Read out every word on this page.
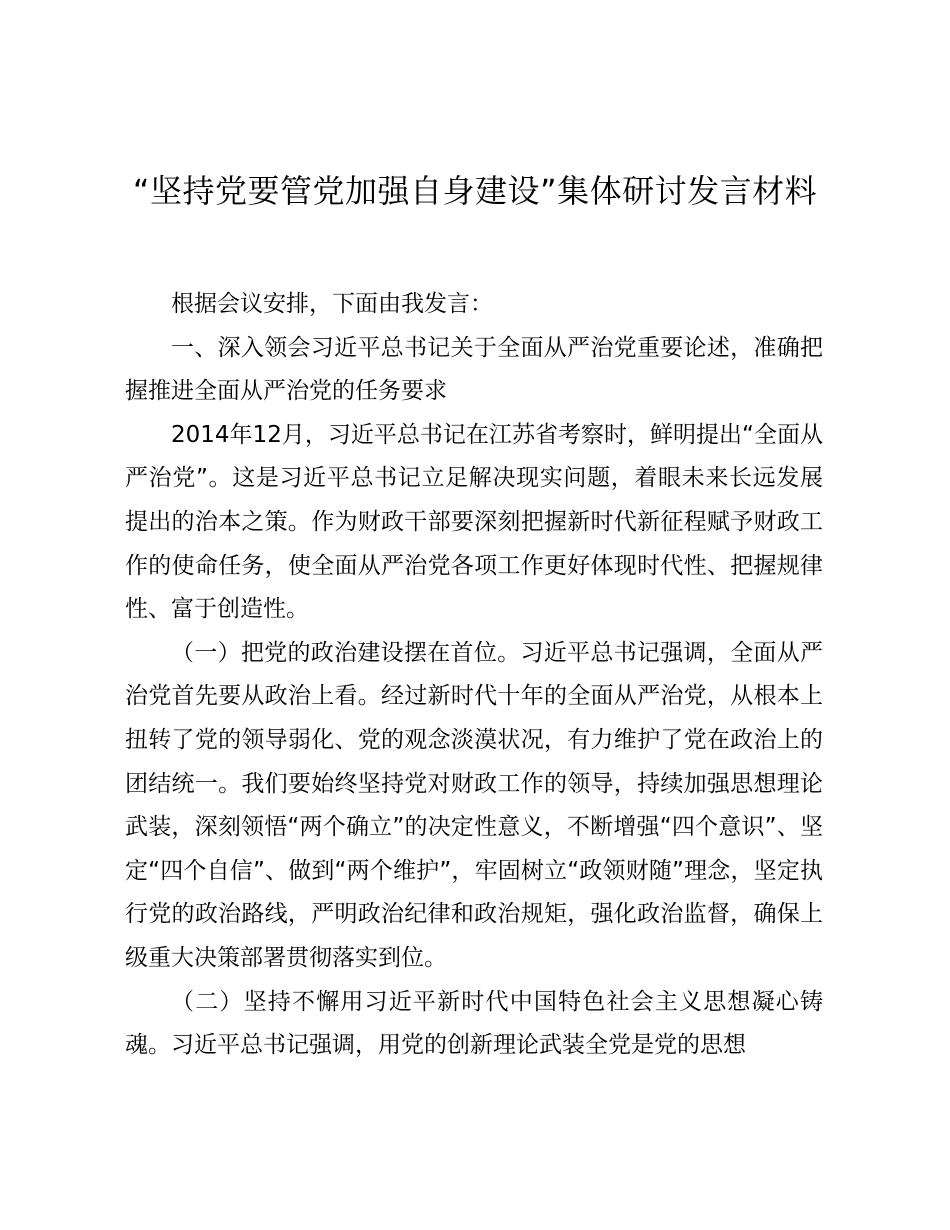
“坚持党要管党加强自身建设”集体研讨发言材料

根据会议安排，下面由我发言：

一、深入领会习近平总书记关于全面从严治党重要论述，准确把握推进全面从严治党的任务要求

2014年12月，习近平总书记在江苏省考察时，鲜明提出“全面从严治党”。这是习近平总书记立足解决现实问题，着眼未来长远发展提出的治本之策。作为财政干部要深刻把握新时代新征程赋予财政工作的使命任务，使全面从严治党各项工作更好体现时代性、把握规律性、富于创造性。

（一）把党的政治建设摆在首位。习近平总书记强调，全面从严治党首先要从政治上看。经过新时代十年的全面从严治党，从根本上扭转了党的领导弱化、党的观念淡漠状况，有力维护了党在政治上的团结统一。我们要始终坚持党对财政工作的领导，持续加强思想理论武装，深刻领悟“两个确立”的决定性意义，不断增强“四个意识”、坚定“四个自信”、做到“两个维护”，牢固树立“政领财随”理念，坚定执行党的政治路线，严明政治纪律和政治规矩，强化政治监督，确保上级重大决策部署贯彻落实到位。

（二）坚持不懈用习近平新时代中国特色社会主义思想凝心铸魂。习近平总书记强调，用党的创新理论武装全党是党的思想
